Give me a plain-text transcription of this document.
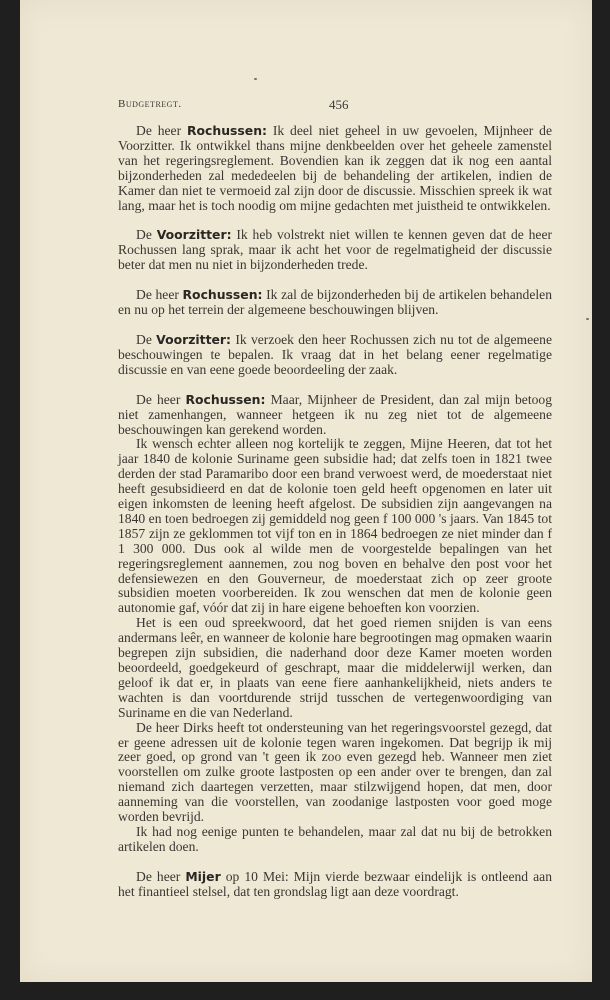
Budgetregt.	456

De heer Rochussen: Ik deel niet geheel in uw gevoelen, Mijnheer de Voorzitter. Ik ontwikkel thans mijne denkbeelden over het geheele zamenstel van het regeringsreglement. Bovendien kan ik zeggen dat ik nog een aantal bijzonderheden zal mededeelen bij de behandeling der artikelen, indien de Kamer dan niet te vermoeid zal zijn door de discussie. Misschien spreek ik wat lang, maar het is toch noodig om mijne gedachten met juistheid te ontwikkelen.

De Voorzitter: Ik heb volstrekt niet willen te kennen geven dat de heer Rochussen lang sprak, maar ik acht het voor de regelmatigheid der discussie beter dat men nu niet in bijzonderheden trede.

De heer Rochussen: Ik zal de bijzonderheden bij de artikelen behandelen en nu op het terrein der algemeene beschouwingen blijven.

De Voorzitter: Ik verzoek den heer Rochussen zich nu tot de algemeene beschouwingen te bepalen. Ik vraag dat in het belang eener regelmatige discussie en van eene goede beoordeeling der zaak.

De heer Rochussen: Maar, Mijnheer de President, dan zal mijn betoog niet zamenhangen, wanneer hetgeen ik nu zeg niet tot de algemeene beschouwingen kan gerekend worden.
Ik wensch echter alleen nog kortelijk te zeggen, Mijne Heeren, dat tot het jaar 1840 de kolonie Suriname geen subsidie had; dat zelfs toen in 1821 twee derden der stad Paramaribo door een brand verwoest werd, de moederstaat niet heeft gesubsidieerd en dat de kolonie toen geld heeft opgenomen en later uit eigen inkomsten de leening heeft afgelost. De subsidien zijn aangevangen na 1840 en toen bedroegen zij gemiddeld nog geen f 100 000 's jaars. Van 1845 tot 1857 zijn ze geklommen tot vijf ton en in 1864 bedroegen ze niet minder dan f 1 300 000. Dus ook al wilde men de voorgestelde bepalingen van het regeringsreglement aannemen, zou nog boven en behalve den post voor het defensiewezen en den Gouverneur, de moederstaat zich op zeer groote subsidien moeten voorbereiden. Ik zou wenschen dat men de kolonie geen autonomie gaf, vóór dat zij in hare eigene behoeften kon voorzien.
Het is een oud spreekwoord, dat het goed riemen snijden is van eens andermans leêr, en wanneer de kolonie hare begrootingen mag opmaken waarin begrepen zijn subsidien, die naderhand door deze Kamer moeten worden beoordeeld, goedgekeurd of geschrapt, maar die middelerwijl werken, dan geloof ik dat er, in plaats van eene fiere aanhankelijkheid, niets anders te wachten is dan voortdurende strijd tusschen de vertegenwoordiging van Suriname en die van Nederland.
De heer Dirks heeft tot ondersteuning van het regeringsvoorstel gezegd, dat er geene adressen uit de kolonie tegen waren ingekomen. Dat begrijp ik mij zeer goed, op grond van 't geen ik zoo even gezegd heb. Wanneer men ziet voorstellen om zulke groote lastposten op een ander over te brengen, dan zal niemand zich daartegen verzetten, maar stilzwijgend hopen, dat men, door aanneming van die voorstellen, van zoodanige lastposten voor goed moge worden bevrijd.
Ik had nog eenige punten te behandelen, maar zal dat nu bij de betrokken artikelen doen.

De heer Mijer op 10 Mei: Mijn vierde bezwaar eindelijk is ontleend aan het finantieel stelsel, dat ten grondslag ligt aan deze voordragt.
